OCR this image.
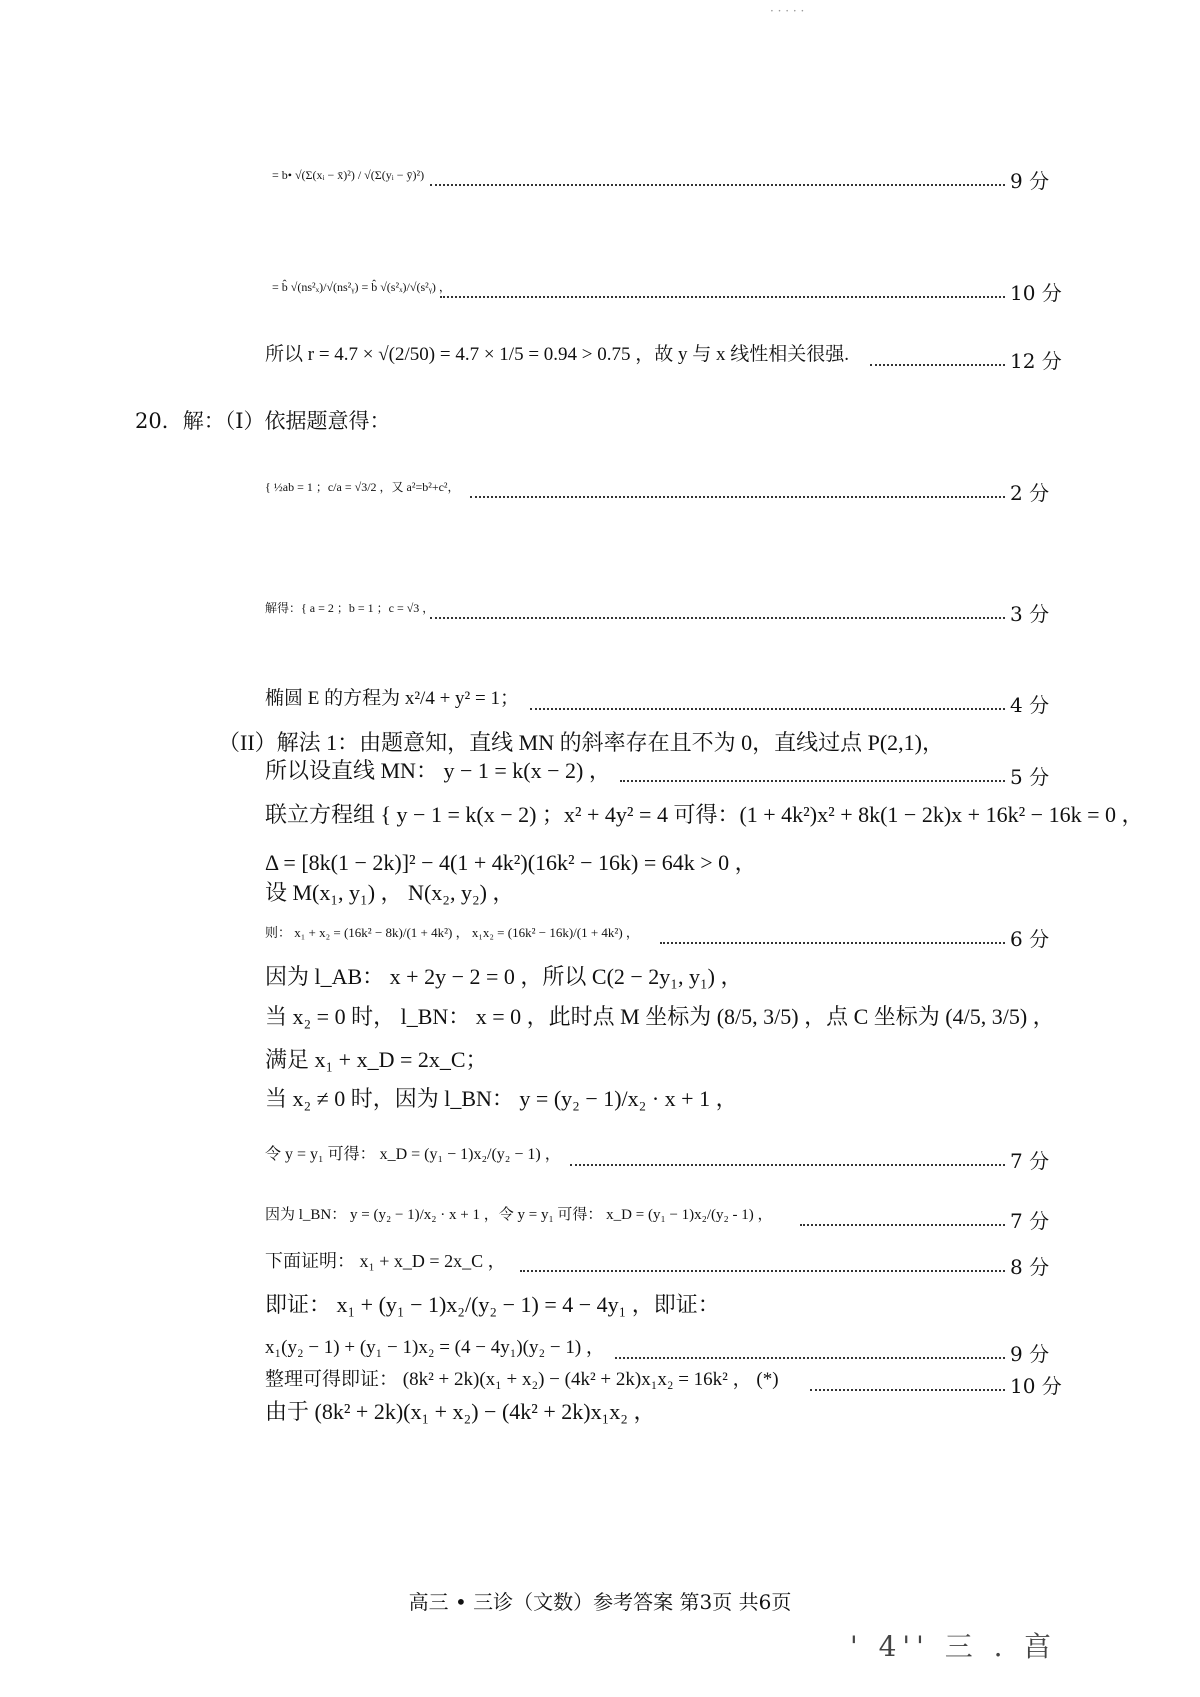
· · · · ·
= b• √(Σ(xᵢ − x̄)²) / √(Σ(yᵢ − ȳ)²)	9 分
= b̂ √(ns²ₓ)/√(ns²ᵧ) = b̂ √(s²ₓ)/√(s²ᵧ) ，	10 分
所以 r = 4.7 × √(2/50) = 4.7 × 1/5 = 0.94 > 0.75 ，故 y 与 x 线性相关很强.	12 分
{ ½ab = 1 ；c/a = √3/2 ，又 a²=b²+c²，	2 分
解得：{ a = 2 ；b = 1 ；c = √3 ，	3 分
椭圆 E 的方程为 x²/4 + y² = 1；	4 分
（II）解法 1：由题意知，直线 MN 的斜率存在且不为 0，直线过点 P(2,1)，
所以设直线 MN： y − 1 = k(x − 2) ，	5 分
联立方程组 { y − 1 = k(x − 2) ；x² + 4y² = 4 可得：(1 + 4k²)x² + 8k(1 − 2k)x + 16k² − 16k = 0 ，
Δ = [8k(1 − 2k)]² − 4(1 + 4k²)(16k² − 16k) = 64k > 0 ，
设 M(x₁, y₁) ， N(x₂, y₂) ，
则： x₁ + x₂ = (16k² − 8k)/(1 + 4k²) ， x₁x₂ = (16k² − 16k)/(1 + 4k²) ，	6 分
因为 l_AB： x + 2y − 2 = 0 ，所以 C(2 − 2y₁, y₁) ，
当 x₂ = 0 时， l_BN： x = 0 ，此时点 M 坐标为 (8/5, 3/5) ，点 C 坐标为 (4/5, 3/5) ，
满足 x₁ + x_D = 2x_C；
当 x₂ ≠ 0 时，因为 l_BN： y = (y₂ − 1)/x₂ · x + 1 ，
令 y = y₁ 可得： x_D = (y₁ − 1)x₂/(y₂ − 1) ，	7 分
因为 l_BN： y = (y₂ − 1)/x₂ · x + 1 ，令 y = y₁ 可得： x_D = (y₁ − 1)x₂/(y₂ - 1) ，	7 分
下面证明： x₁ + x_D = 2x_C ，	8 分
即证： x₁ + (y₁ − 1)x₂/(y₂ − 1) = 4 − 4y₁ ，即证：
x₁(y₂ − 1) + (y₁ − 1)x₂ = (4 − 4y₁)(y₂ − 1) ，	9 分
整理可得即证： (8k² + 2k)(x₁ + x₂) − (4k² + 2k)x₁x₂ = 16k² ， (*)	10 分
由于 (8k² + 2k)(x₁ + x₂) − (4k² + 2k)x₁x₂ ，
20．解：（I）依据题意得：
高三 • 三诊（文数）参考答案 第3页 共6页
' 4'' 三 . 亯
